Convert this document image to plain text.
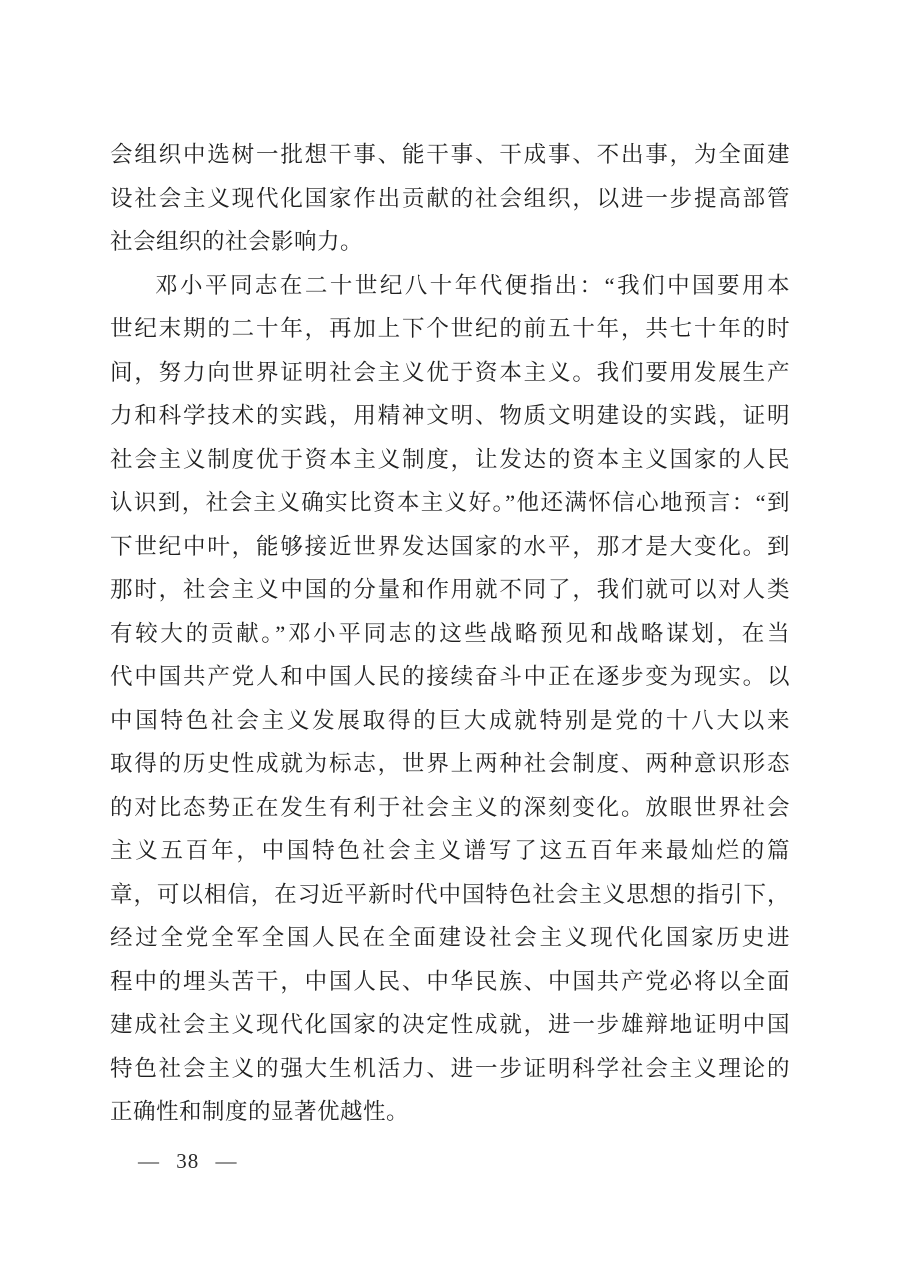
会组织中选树一批想干事、能干事、干成事、不出事，为全面建
设社会主义现代化国家作出贡献的社会组织，以进一步提高部管
社会组织的社会影响力。
邓小平同志在二十世纪八十年代便指出：“我们中国要用本
世纪末期的二十年，再加上下个世纪的前五十年，共七十年的时
间，努力向世界证明社会主义优于资本主义。我们要用发展生产
力和科学技术的实践，用精神文明、物质文明建设的实践，证明
社会主义制度优于资本主义制度，让发达的资本主义国家的人民
认识到，社会主义确实比资本主义好。”他还满怀信心地预言：“到
下世纪中叶，能够接近世界发达国家的水平，那才是大变化。到
那时，社会主义中国的分量和作用就不同了，我们就可以对人类
有较大的贡献。”邓小平同志的这些战略预见和战略谋划，在当
代中国共产党人和中国人民的接续奋斗中正在逐步变为现实。以
中国特色社会主义发展取得的巨大成就特别是党的十八大以来
取得的历史性成就为标志，世界上两种社会制度、两种意识形态
的对比态势正在发生有利于社会主义的深刻变化。放眼世界社会
主义五百年，中国特色社会主义谱写了这五百年来最灿烂的篇
章，可以相信，在习近平新时代中国特色社会主义思想的指引下，
经过全党全军全国人民在全面建设社会主义现代化国家历史进
程中的埋头苦干，中国人民、中华民族、中国共产党必将以全面
建成社会主义现代化国家的决定性成就，进一步雄辩地证明中国
特色社会主义的强大生机活力、进一步证明科学社会主义理论的
正确性和制度的显著优越性。
— 38 —
